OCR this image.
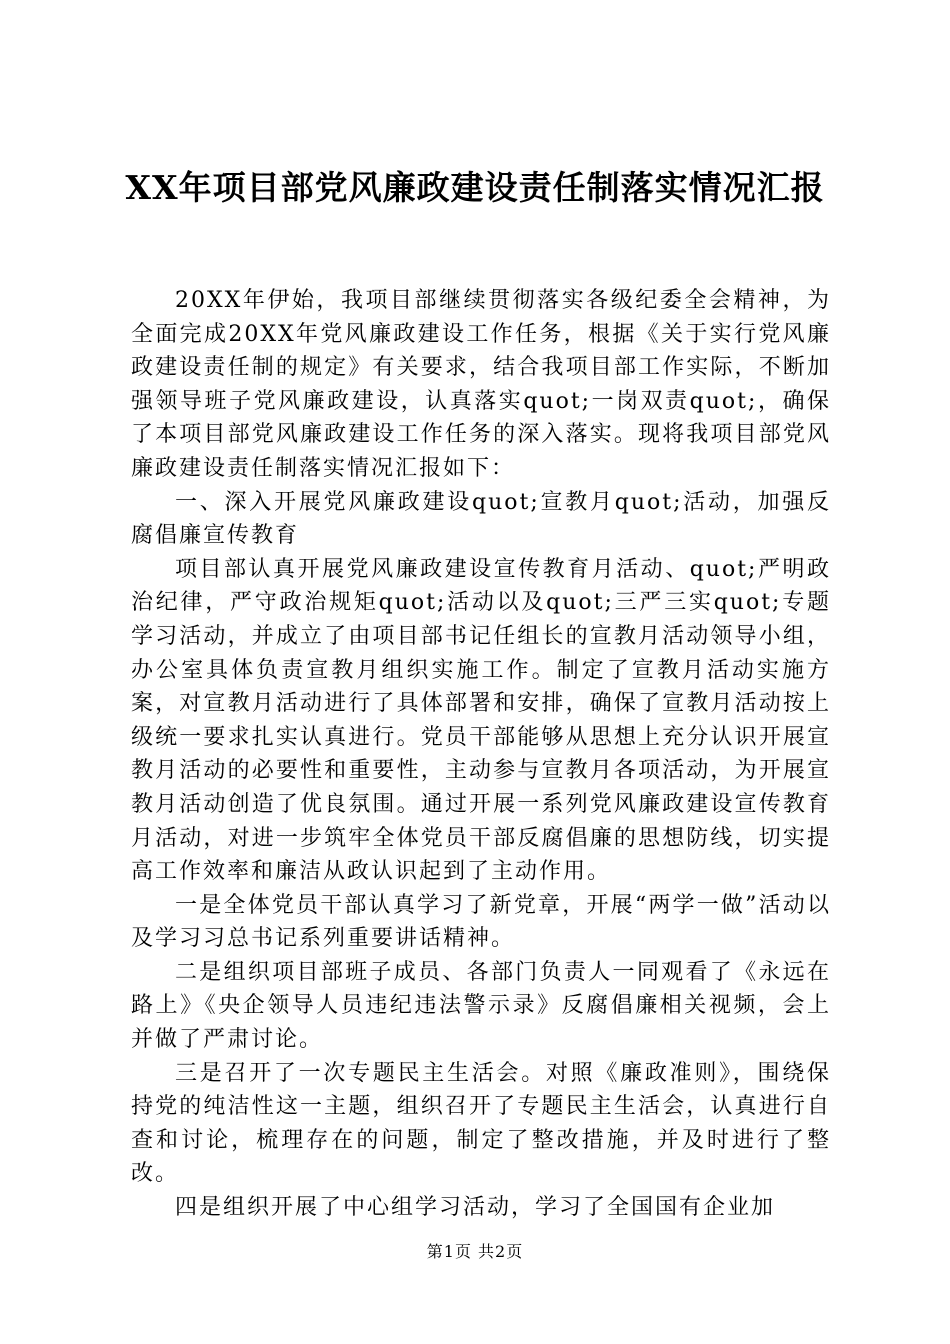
XX年项目部党风廉政建设责任制落实情况汇报

20XX年伊始，我项目部继续贯彻落实各级纪委全会精神，为全面完成20XX年党风廉政建设工作任务，根据《关于实行党风廉政建设责任制的规定》有关要求，结合我项目部工作实际，不断加强领导班子党风廉政建设，认真落实quot;一岗双责quot;，确保了本项目部党风廉政建设工作任务的深入落实。现将我项目部党风廉政建设责任制落实情况汇报如下：

一、深入开展党风廉政建设quot;宣教月quot;活动，加强反腐倡廉宣传教育

项目部认真开展党风廉政建设宣传教育月活动、quot;严明政治纪律，严守政治规矩quot;活动以及quot;三严三实quot;专题学习活动，并成立了由项目部书记任组长的宣教月活动领导小组，办公室具体负责宣教月组织实施工作。制定了宣教月活动实施方案，对宣教月活动进行了具体部署和安排，确保了宣教月活动按上级统一要求扎实认真进行。党员干部能够从思想上充分认识开展宣教月活动的必要性和重要性，主动参与宣教月各项活动，为开展宣教月活动创造了优良氛围。通过开展一系列党风廉政建设宣传教育月活动，对进一步筑牢全体党员干部反腐倡廉的思想防线，切实提高工作效率和廉洁从政认识起到了主动作用。

一是全体党员干部认真学习了新党章，开展“两学一做”活动以及学习习总书记系列重要讲话精神。

二是组织项目部班子成员、各部门负责人一同观看了《永远在路上》《央企领导人员违纪违法警示录》反腐倡廉相关视频，会上并做了严肃讨论。

三是召开了一次专题民主生活会。对照《廉政准则》，围绕保持党的纯洁性这一主题，组织召开了专题民主生活会，认真进行自查和讨论，梳理存在的问题，制定了整改措施，并及时进行了整改。

四是组织开展了中心组学习活动，学习了全国国有企业加

第1页 共2页
